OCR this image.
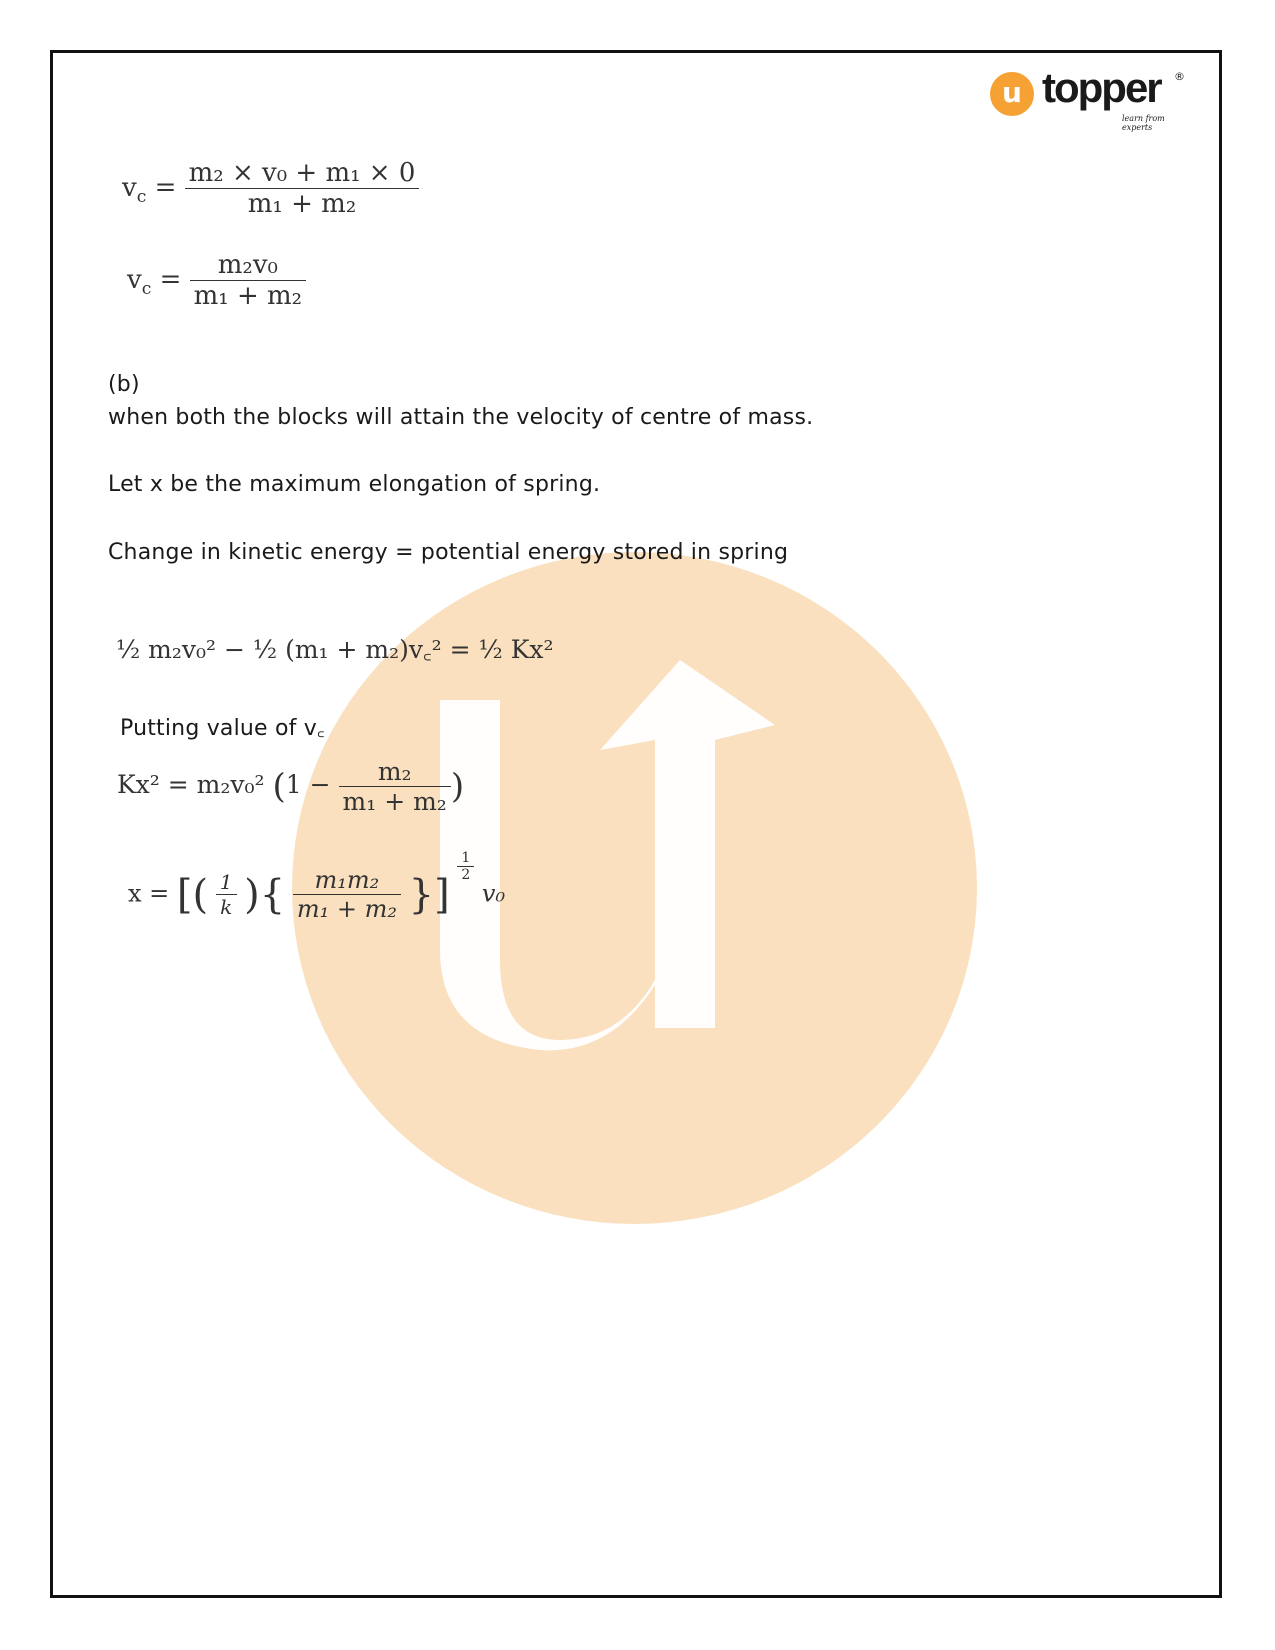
u topper ®
learn from experts
$v_c = \frac{\text{m₂ × v₀ + m₁ × 0}}{\text{m₁ + m₂}}$
$v_c = \frac{\text{m₂v₀}}{\text{m₁ + m₂}}$
(b)
when both the blocks will attain the velocity of centre of mass.
Let x be the maximum elongation of spring.
Change in kinetic energy = potential energy stored in spring
½ m₂v₀² − ½ (m₁ + m₂)v꜀² = ½ Kx²
Putting value of v꜀
Kx² = m₂v₀² ($1 - \frac{\text{m₂}}{\text{m₁ + m₂}}$ )
x = [( $\frac{1}{k}$ ){ $\frac{\text{m₁m₂}}{\text{m₁ + m₂}}$ }]
$\frac{1}{2}$
v₀
